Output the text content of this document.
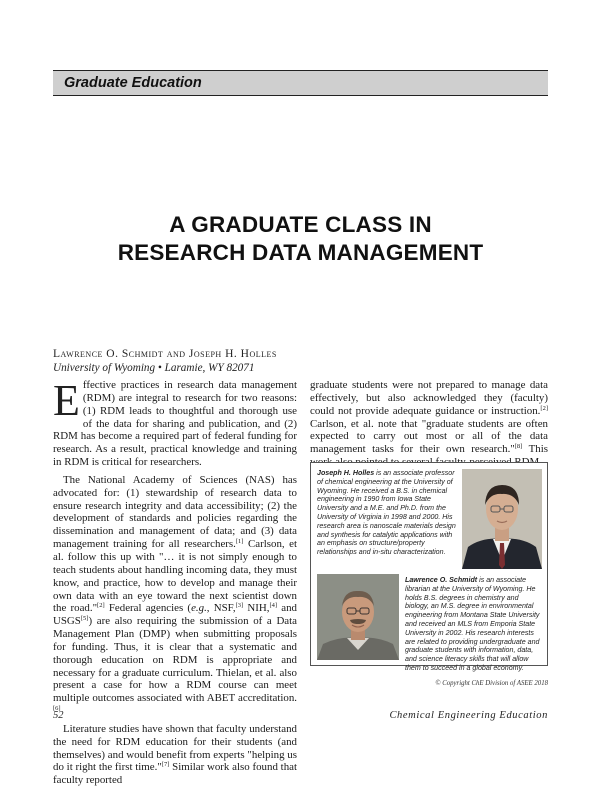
Graduate Education
A GRADUATE CLASS IN
RESEARCH DATA MANAGEMENT
Lawrence O. Schmidt and Joseph H. Holles
University of Wyoming • Laramie, WY 82071

Effective practices in research data management (RDM) are integral to research for two reasons: (1) RDM leads to thoughtful and thorough use of the data for sharing and publication, and (2) RDM has become a required part of federal funding for research. As a result, practical knowledge and training in RDM is critical for researchers.

The National Academy of Sciences (NAS) has advocated for: (1) stewardship of research data to ensure research integrity and data accessibility; (2) the development of standards and policies regarding the dissemination and management of data; and (3) data management training for all researchers.[1] Carlson, et al. follow this up with "… it is not simply enough to teach students about handling incoming data, they must know, and practice, how to develop and manage their own data with an eye toward the next scientist down the road."[2] Federal agencies (e.g., NSF,[3] NIH,[4] and USGS[5]) are also requiring the submission of a Data Management Plan (DMP) when submitting proposals for funding. Thus, it is clear that a systematic and thorough education on RDM is appropriate and necessary for a graduate curriculum. Thielan, et al. also present a case for how a RDM course can meet multiple outcomes associated with ABET accreditation.[6]

Literature studies have shown that faculty understand the need for RDM education for their students (and themselves) and would benefit from experts "helping us do it right the first time."[7] Similar work also found that faculty reported

graduate students were not prepared to manage data effectively, but also acknowledged they (faculty) could not provide adequate guidance or instruction.[2] Carlson, et al. note that "graduate students are often expected to carry out most or all of the data management tasks for their own research."[8] This

Joseph H. Holles is an associate professor of chemical engineering at the University of Wyoming. He received a B.S. in chemical engineering in 1990 from Iowa State University and a M.E. and Ph.D. from the University of Virginia in 1998 and 2000. His research area is nanoscale materials design and synthesis for catalytic applications with an emphasis on structure/property relationships and in-situ characterization.
Lawrence O. Schmidt is an associate librarian at the University of Wyoming. He holds B.S. degrees in chemistry and biology, an M.S. degree in environmental engineering from Montana State University and received an MLS from Emporia State University in 2002. His research interests are related to providing undergraduate and graduate students with information, data, and science literacy skills that will allow them to succeed in a global economy.
© Copyright ChE Division of ASEE 2018
52	Chemical Engineering Education
